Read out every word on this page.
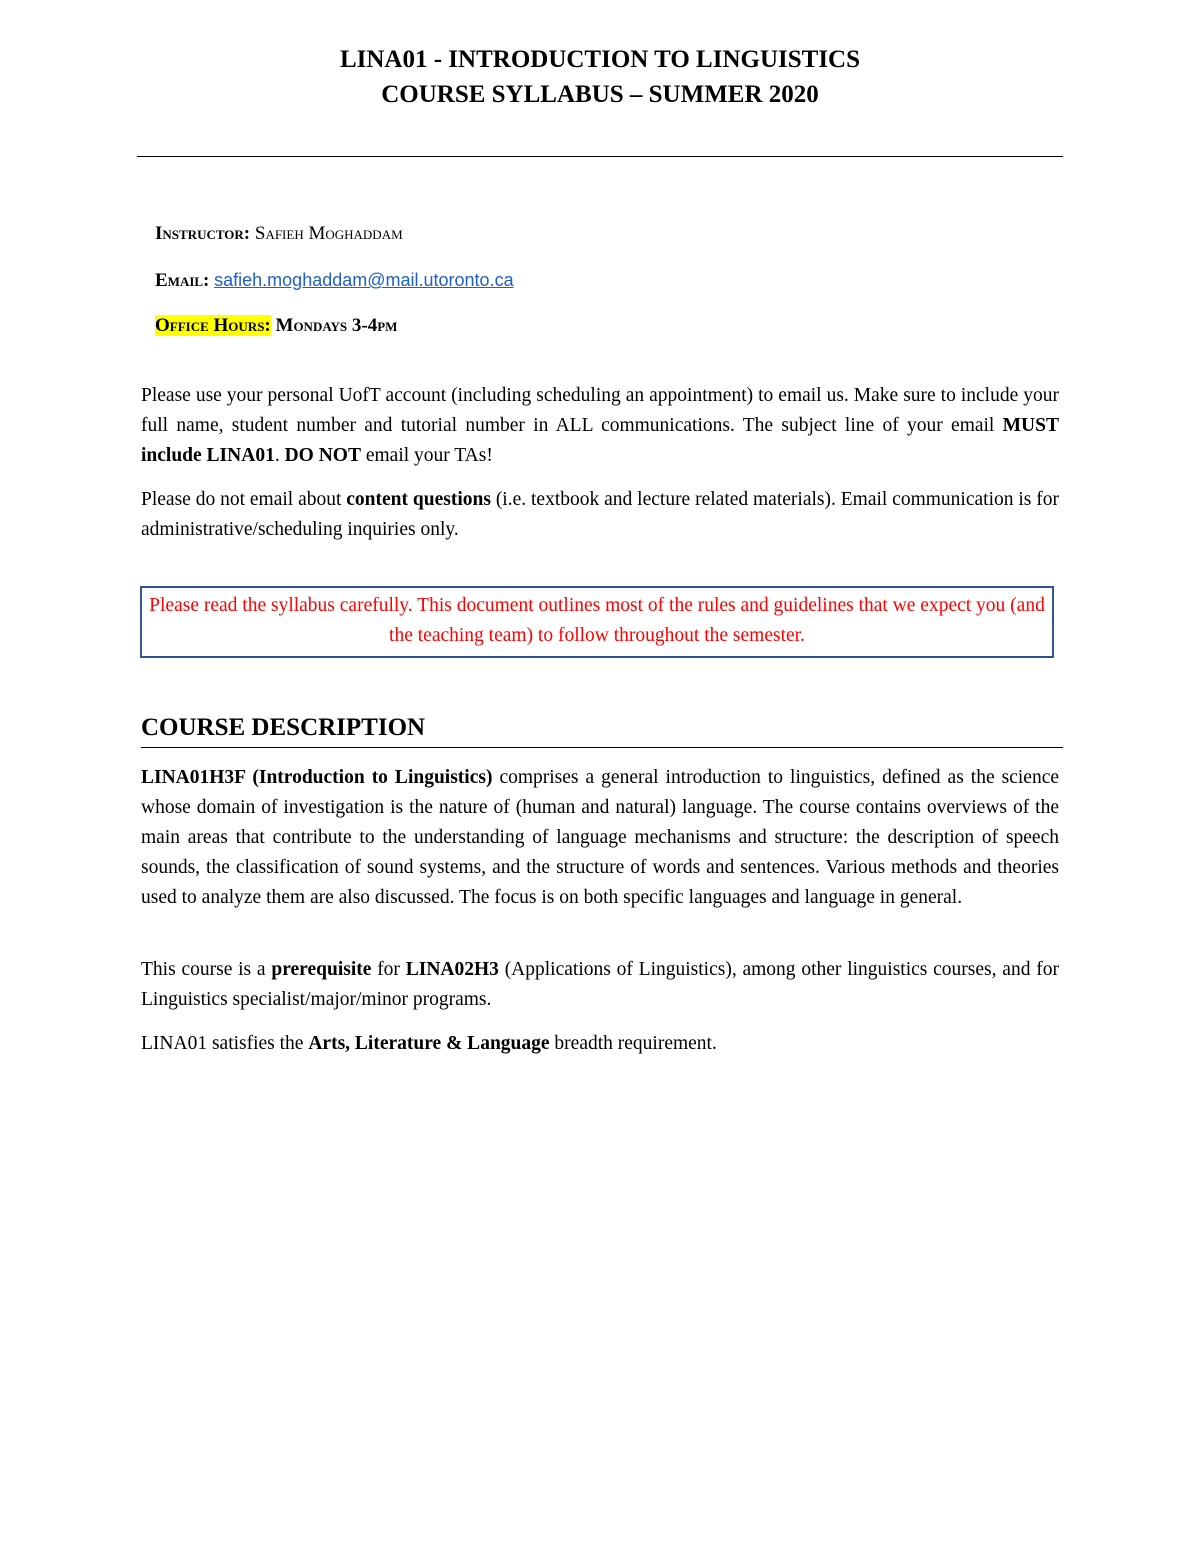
LINA01 - INTRODUCTION TO LINGUISTICS
COURSE SYLLABUS – SUMMER 2020
Instructor: Safieh Moghaddam
Email: safieh.moghaddam@mail.utoronto.ca
Office Hours: Mondays 3-4pm
Please use your personal UofT account (including scheduling an appointment) to email us. Make sure to include your full name, student number and tutorial number in ALL communications. The subject line of your email MUST include LINA01. DO NOT email your TAs!
Please do not email about content questions (i.e. textbook and lecture related materials). Email communication is for administrative/scheduling inquiries only.
Please read the syllabus carefully. This document outlines most of the rules and guidelines that we expect you (and the teaching team) to follow throughout the semester.
COURSE DESCRIPTION
LINA01H3F (Introduction to Linguistics) comprises a general introduction to linguistics, defined as the science whose domain of investigation is the nature of (human and natural) language. The course contains overviews of the main areas that contribute to the understanding of language mechanisms and structure: the description of speech sounds, the classification of sound systems, and the structure of words and sentences. Various methods and theories used to analyze them are also discussed. The focus is on both specific languages and language in general.
This course is a prerequisite for LINA02H3 (Applications of Linguistics), among other linguistics courses, and for Linguistics specialist/major/minor programs.
LINA01 satisfies the Arts, Literature & Language breadth requirement.
